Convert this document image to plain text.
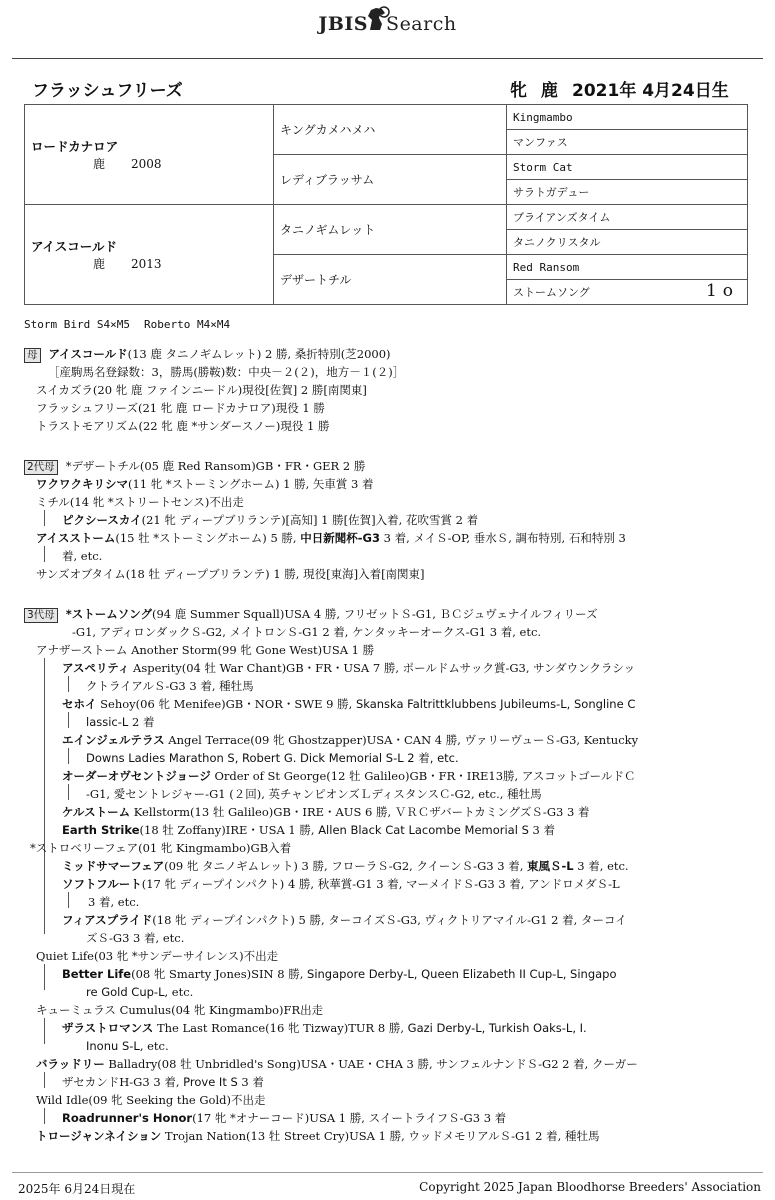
JBIS Search
フラッシュフリーズ	牝 鹿 2021年 4月24日生
ロードカナロア
鹿 2008	キングカメハメハ	Kingmambo
		マンファス
	レディブラッサム	Storm Cat
		サラトガデュー

アイスコールド
鹿 2013	タニノギムレット	ブライアンズタイム
		タニノクリスタル
	デザートチル	Red Ransom
		ストームソング 1o
Storm Bird S4×M5 Roberto M4×M4
母 アイスコールド(13 鹿 タニノギムレット) 2 勝, 桑折特別(芝2000)
［産駒馬名登録数：3，勝馬(勝鞍)数：中央－２(２)，地方－１(２)］
スイカズラ(20 牝 鹿 ファインニードル)現役[佐賀] 2 勝[南関東]
フラッシュフリーズ(21 牝 鹿 ロードカナロア)現役 1 勝
トラストモアリズム(22 牝 鹿 *サンダースノー)現役 1 勝
2代母 *デザートチル(05 鹿 Red Ransom)GB・FR・GER 2 勝
ワクワクキリシマ(11 牝 *ストーミングホーム) 1 勝, 矢車賞 3 着
ミチル(14 牝 *ストリートセンス)不出走
ピクシースカイ(21 牝 ディープブリランテ)[高知] 1 勝[佐賀]入着, 花吹雪賞 2 着
アイスストーム(15 牡 *ストーミングホーム) 5 勝, 中日新聞杯-G3 3 着, メイＳ-OP, 垂水Ｓ, 調布特別, 石和特別 3
着, etc.
サンズオブタイム(18 牡 ディープブリランテ) 1 勝, 現役[東海]入着[南関東]
3代母 *ストームソング(94 鹿 Summer Squall)USA 4 勝, フリゼットＳ-G1, ＢＣジュヴェナイルフィリーズ
-G1, アディロンダックＳ-G2, メイトロンＳ-G1 2 着, ケンタッキーオークス-G1 3 着, etc.
アナザーストーム Another Storm(99 牝 Gone West)USA 1 勝
アスペリティ Asperity(04 牡 War Chant)GB・FR・USA 7 勝, ポールドムサック賞-G3, サンダウンクラシッ
クトライアルＳ-G3 3 着, 種牡馬
セホイ Sehoy(06 牝 Menifee)GB・NOR・SWE 9 勝, Skanska Faltrittklubbens Jubileums-L, Songline C
lassic-L 2 着
エインジェルテラス Angel Terrace(09 牝 Ghostzapper)USA・CAN 4 勝, ヴァリーヴューＳ-G3, Kentucky
Downs Ladies Marathon S, Robert G. Dick Memorial S-L 2 着, etc.
オーダーオヴセントジョージ Order of St George(12 牡 Galileo)GB・FR・IRE13勝, アスコットゴールドＣ
-G1, 愛セントレジャー-G1 (２回), 英チャンピオンズＬディスタンスＣ-G2, etc., 種牡馬
ケルストーム Kellstorm(13 牡 Galileo)GB・IRE・AUS 6 勝, ＶＲＣザバートカミングズＳ-G3 3 着
Earth Strike(18 牡 Zoffany)IRE・USA 1 勝, Allen Black Cat Lacombe Memorial S 3 着
*ストロベリーフェア(01 牝 Kingmambo)GB入着
ミッドサマーフェア(09 牝 タニノギムレット) 3 勝, フローラＳ-G2, クイーンＳ-G3 3 着, 東風Ｓ-L 3 着, etc.
ソフトフルート(17 牝 ディープインパクト) 4 勝, 秋華賞-G1 3 着, マーメイドＳ-G3 3 着, アンドロメダＳ-L
3 着, etc.
フィアスプライド(18 牝 ディープインパクト) 5 勝, ターコイズＳ-G3, ヴィクトリアマイル-G1 2 着, ターコイ
ズＳ-G3 3 着, etc.
Quiet Life(03 牝 *サンデーサイレンス)不出走
Better Life(08 牝 Smarty Jones)SIN 8 勝, Singapore Derby-L, Queen Elizabeth II Cup-L, Singapo
re Gold Cup-L, etc.
キューミュラス Cumulus(04 牝 Kingmambo)FR出走
ザラストロマンス The Last Romance(16 牝 Tizway)TUR 8 勝, Gazi Derby-L, Turkish Oaks-L, I.
Inonu S-L, etc.
バラッドリー Balladry(08 牡 Unbridled's Song)USA・UAE・CHA 3 勝, サンフェルナンドＳ-G2 2 着, クーガー
ザセカンドH-G3 3 着, Prove It S 3 着
Wild Idle(09 牝 Seeking the Gold)不出走
Roadrunner's Honor(17 牝 *オナーコード)USA 1 勝, スイートライフＳ-G3 3 着
トロージャンネイション Trojan Nation(13 牡 Street Cry)USA 1 勝, ウッドメモリアルＳ-G1 2 着, 種牡馬
2025年 6月24日現在	Copyright 2025 Japan Bloodhorse Breeders' Association
